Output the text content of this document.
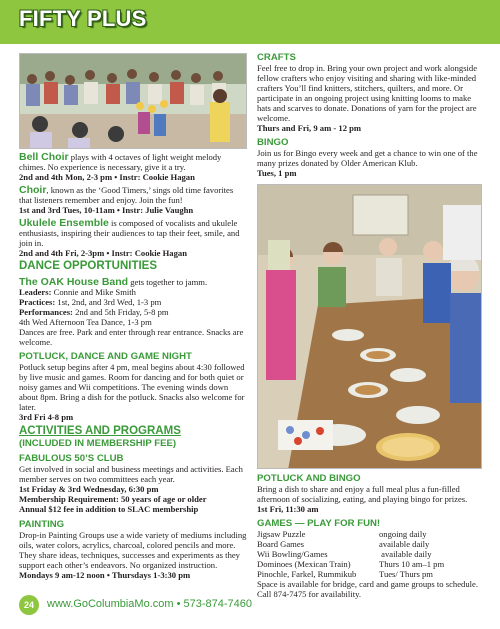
FIFTY PLUS

Bell Choir plays with 4 octaves of light weight melody chimes. No experience is necessary, give it a try.

2nd and 4th Mon, 2-3 pm • Instr: Cookie Hagan

Choir, known as the ‘Good Timers,’ sings old time favorites that listeners remember and enjoy. Join the fun!

1st and 3rd Tues, 10-11am • Instr: Julie Vaughn

Ukulele Ensemble is composed of vocalists and ukulele enthusiasts, inspiring their audiences to tap their feet, smile, and join in.

2nd and 4th Fri, 2-3pm • Instr: Cookie Hagan

DANCE OPPORTUNITIES

The OAK House Band gets together to jamm.

Leaders: Connie and Mike Smith

Practices: 1st, 2nd, and 3rd Wed, 1-3 pm

Performances: 2nd and 5th Friday, 5-8 pm

4th Wed Afternoon Tea Dance, 1-3 pm

Dances are free. Park and enter through rear entrance. Snacks are welcome.

POTLUCK, DANCE AND GAME NIGHT

Potluck setup begins after 4 pm, meal begins about 4:30 followed by live music and games. Room for dancing and for both quiet or noisy games and Wii competitions. The evening winds down about 8pm. Bring a dish for the potluck. Snacks also welcome for later.

3rd Fri 4-8 pm

ACTIVITIES AND PROGRAMS

(INCLUDED IN MEMBERSHIP FEE)

FABULOUS 50’S CLUB

Get involved in social and business meetings and activities. Each member serves on two committees each year.

1st Friday & 3rd Wednesday, 6:30 pm

Membership Requirement: 50 years of age or older

Annual $12 fee in addition to SLAC membership

PAINTING

Drop-in Painting Groups use a wide variety of mediums including oils, water colors, acrylics, charcoal, colored pencils and more. They share ideas, techniques, successes and experiments as they support each other’s endeavors. No organized instruction.

Mondays 9 am-12 noon • Thursdays 1-3:30 pm

CRAFTS

Feel free to drop in. Bring your own project and work alongside fellow crafters who enjoy visiting and sharing with like-minded crafters You’ll find knitters, stitchers, quilters, and more. Or participate in an ongoing project using knitting looms to make hats and scarves to donate. Donations of yarn for the project are welcome.

Thurs and Fri, 9 am - 12 pm

BINGO

Join us for Bingo every week and get a chance to win one of the many prizes donated by Older American Klub.

Tues, 1 pm

POTLUCK AND BINGO

Bring a dish to share and enjoy a full meal plus a fun-filled afternoon of socializing, eating, and playing bingo for prizes.

1st Fri, 11:30 am

GAMES — PLAY FOR FUN!

Jigsaw Puzzle	ongoing daily
Board Games	available daily
Wii Bowling/Games	available daily
Dominoes (Mexican Train)	Thurs 10 am–1 pm
Pinochle, Farkel, Rummikub	Tues/ Thurs pm

Space is available for bridge, card and game groups to schedule. Call 874-7475 for availability.

24	www.GoColumbiaMo.com • 573-874-7460
